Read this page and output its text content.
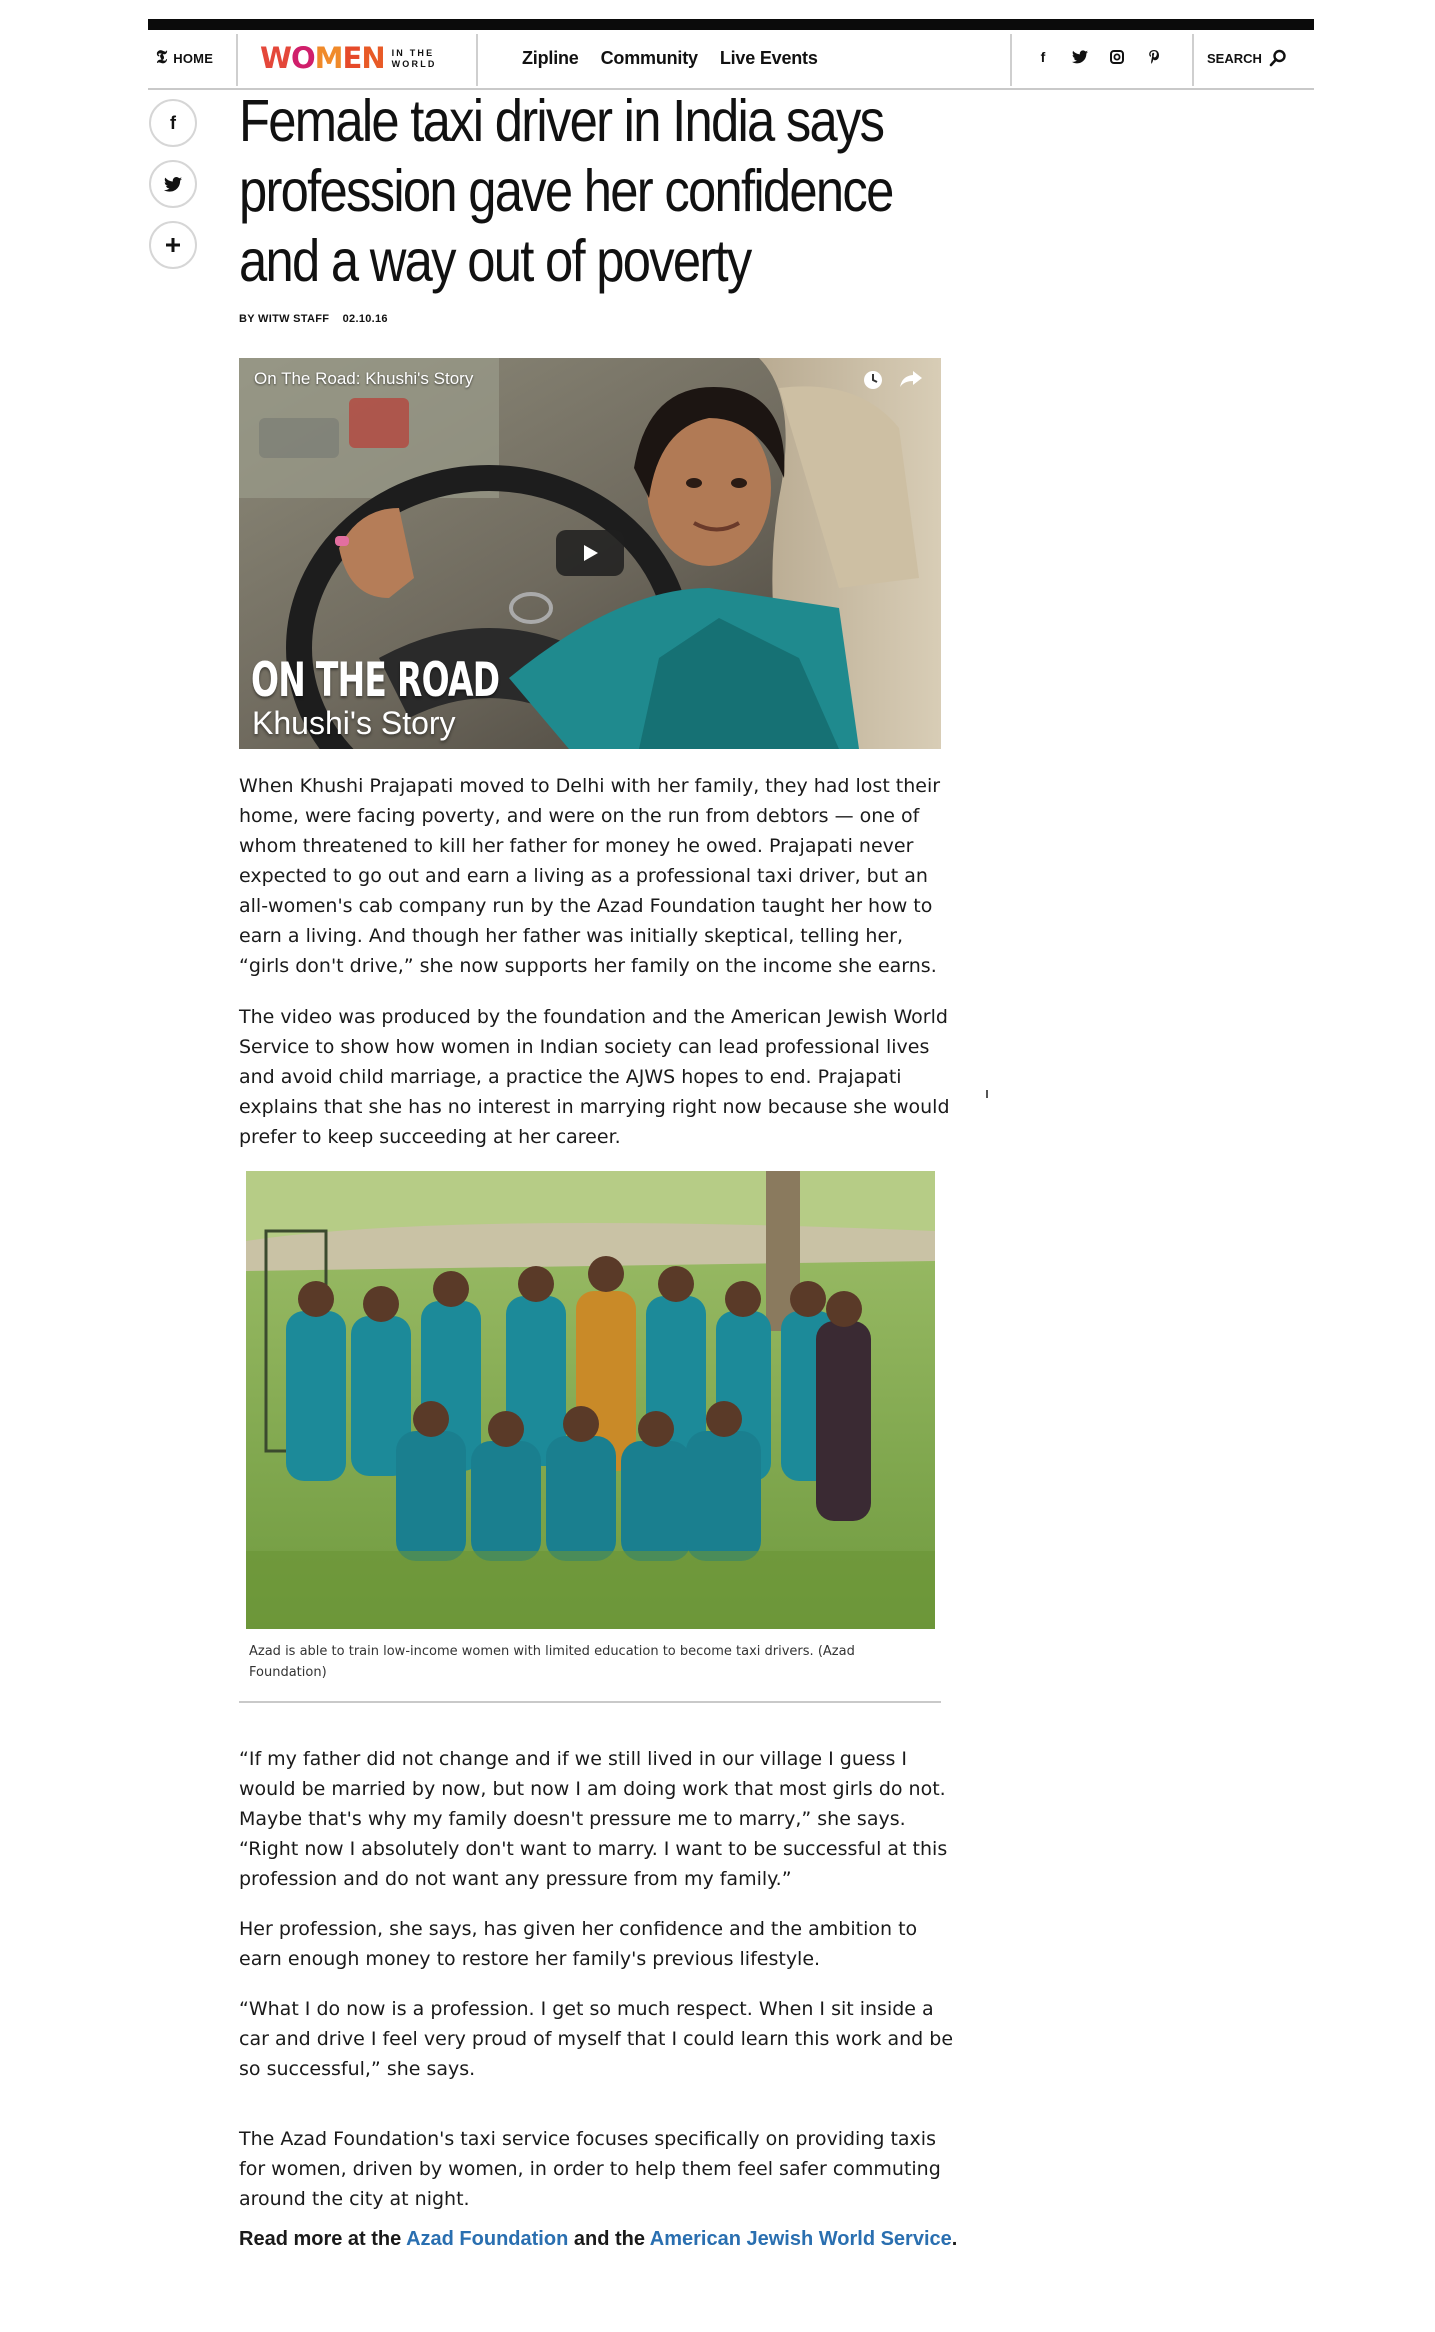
𝕿 HOME WOMEN IN THE WORLD	Zipline Community Live Events	f	SEARCH
f Female taxi driver in India says profession gave her confidence and a way out of poverty
BY WITW STAFF 02.10.16
On The Road: Khushi's Story
ON THE ROAD
Khushi's Story

When Khushi Prajapati moved to Delhi with her family, they had lost their home, were facing poverty, and were on the run from debtors — one of whom threatened to kill her father for money he owed. Prajapati never expected to go out and earn a living as a professional taxi driver, but an all-women's cab company run by the Azad Foundation taught her how to earn a living. And though her father was initially skeptical, telling her, “girls don't drive,” she now supports her family on the income she earns.

The video was produced by the foundation and the American Jewish World Service to show how women in Indian society can lead professional lives and avoid child marriage, a practice the AJWS hopes to end. Prajapati explains that she has no interest in marrying right now because she would prefer to keep succeeding at her career.

Azad is able to train low-income women with limited education to become taxi drivers. (Azad Foundation)

“If my father did not change and if we still lived in our village I guess I would be married by now, but now I am doing work that most girls do not. Maybe that's why my family doesn't pressure me to marry,” she says. “Right now I absolutely don't want to marry. I want to be successful at this profession and do not want any pressure from my family.”

Her profession, she says, has given her confidence and the ambition to earn enough money to restore her family's previous lifestyle.

“What I do now is a profession. I get so much respect. When I sit inside a car and drive I feel very proud of myself that I could learn this work and be so successful,” she says.

The Azad Foundation's taxi service focuses specifically on providing taxis for women, driven by women, in order to help them feel safer commuting around the city at night.

Read more at the Azad Foundation and the American Jewish World Service.
